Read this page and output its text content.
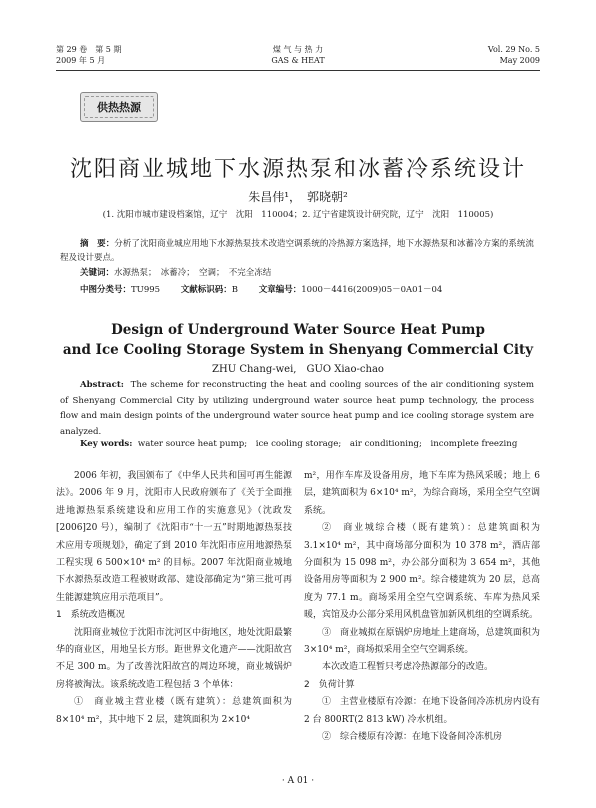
第 29 卷　第 5 期
2009 年 5 月
煤 气 与 热 力
GAS & HEAT
Vol. 29 No. 5
May 2009
供热热源
沈阳商业城地下水源热泵和冰蓄冷系统设计
朱昌伟¹，　郭晓朝²
(1. 沈阳市城市建设档案馆，辽宁　沈阳　110004；2. 辽宁省建筑设计研究院，辽宁　沈阳　110005)
摘　要：分析了沈阳商业城应用地下水源热泵技术改造空调系统的冷热源方案选择，地下水源热泵和冰蓄冷方案的系统流程及设计要点。
关键词：水源热泵；　冰蓄冷；　空调；　不完全冻结
中图分类号：TU995 文献标识码：B 文章编号：1000－4416(2009)05－0A01－04
Design of Underground Water Source Heat Pump
and Ice Cooling Storage System in Shenyang Commercial City
ZHU Chang-wei,　GUO Xiao-chao
Abstract: The scheme for reconstructing the heat and cooling sources of the air conditioning system of Shenyang Commercial City by utilizing underground water source heat pump technology, the process flow and main design points of the underground water source heat pump and ice cooling storage system are analyzed.
Key words: water source heat pump;　ice cooling storage;　air conditioning;　incomplete freezing

2006 年初，我国颁布了《中华人民共和国可再生能源法》。2006 年 9 月，沈阳市人民政府颁布了《关于全面推进地源热泵系统建设和应用工作的实施意见》（沈政发[2006]20 号），编制了《沈阳市“十一五”时期地源热泵技术应用专项规划》，确定了到 2010 年沈阳市应用地源热泵工程实现 6 500×10⁴ m² 的目标。2007 年沈阳商业城地下水源热泵改造工程被财政部、建设部确定为“第三批可再生能源建筑应用示范项目”。

1　系统改造概况

沈阳商业城位于沈阳市沈河区中街地区，地处沈阳最繁华的商业区，用地呈长方形。距世界文化遗产——沈阳故宫不足 300 m。为了改善沈阳故宫的周边环境，商业城锅炉房将被淘汰。该系统改造工程包括 3 个单体：

①　商业城主营业楼（既有建筑）：总建筑面积为 8×10⁴ m²，其中地下 2 层，建筑面积为 2×10⁴

m²，用作车库及设备用房，地下车库为热风采暖；地上 6 层，建筑面积为 6×10⁴ m²，为综合商场，采用全空气空调系统。

②　商业城综合楼（既有建筑）：总建筑面积为 3.1×10⁴ m²，其中商场部分面积为 10 378 m²，酒店部分面积为 15 098 m²，办公部分面积为 3 654 m²，其他设备用房等面积为 2 900 m²。综合楼建筑为 20 层，总高度为 77.1 m。商场采用全空气空调系统、车库为热风采暖，宾馆及办公部分采用风机盘管加新风机组的空调系统。

③　商业城拟在原锅炉房地址上建商场，总建筑面积为 3×10⁴ m²，商场拟采用全空气空调系统。

本次改造工程暂只考虑冷热源部分的改造。

2　负荷计算

①　主营业楼原有冷源：在地下设备间冷冻机房内设有 2 台 800RT(2 813 kW) 冷水机组。

②　综合楼原有冷源：在地下设备间冷冻机房

· A 01 ·
